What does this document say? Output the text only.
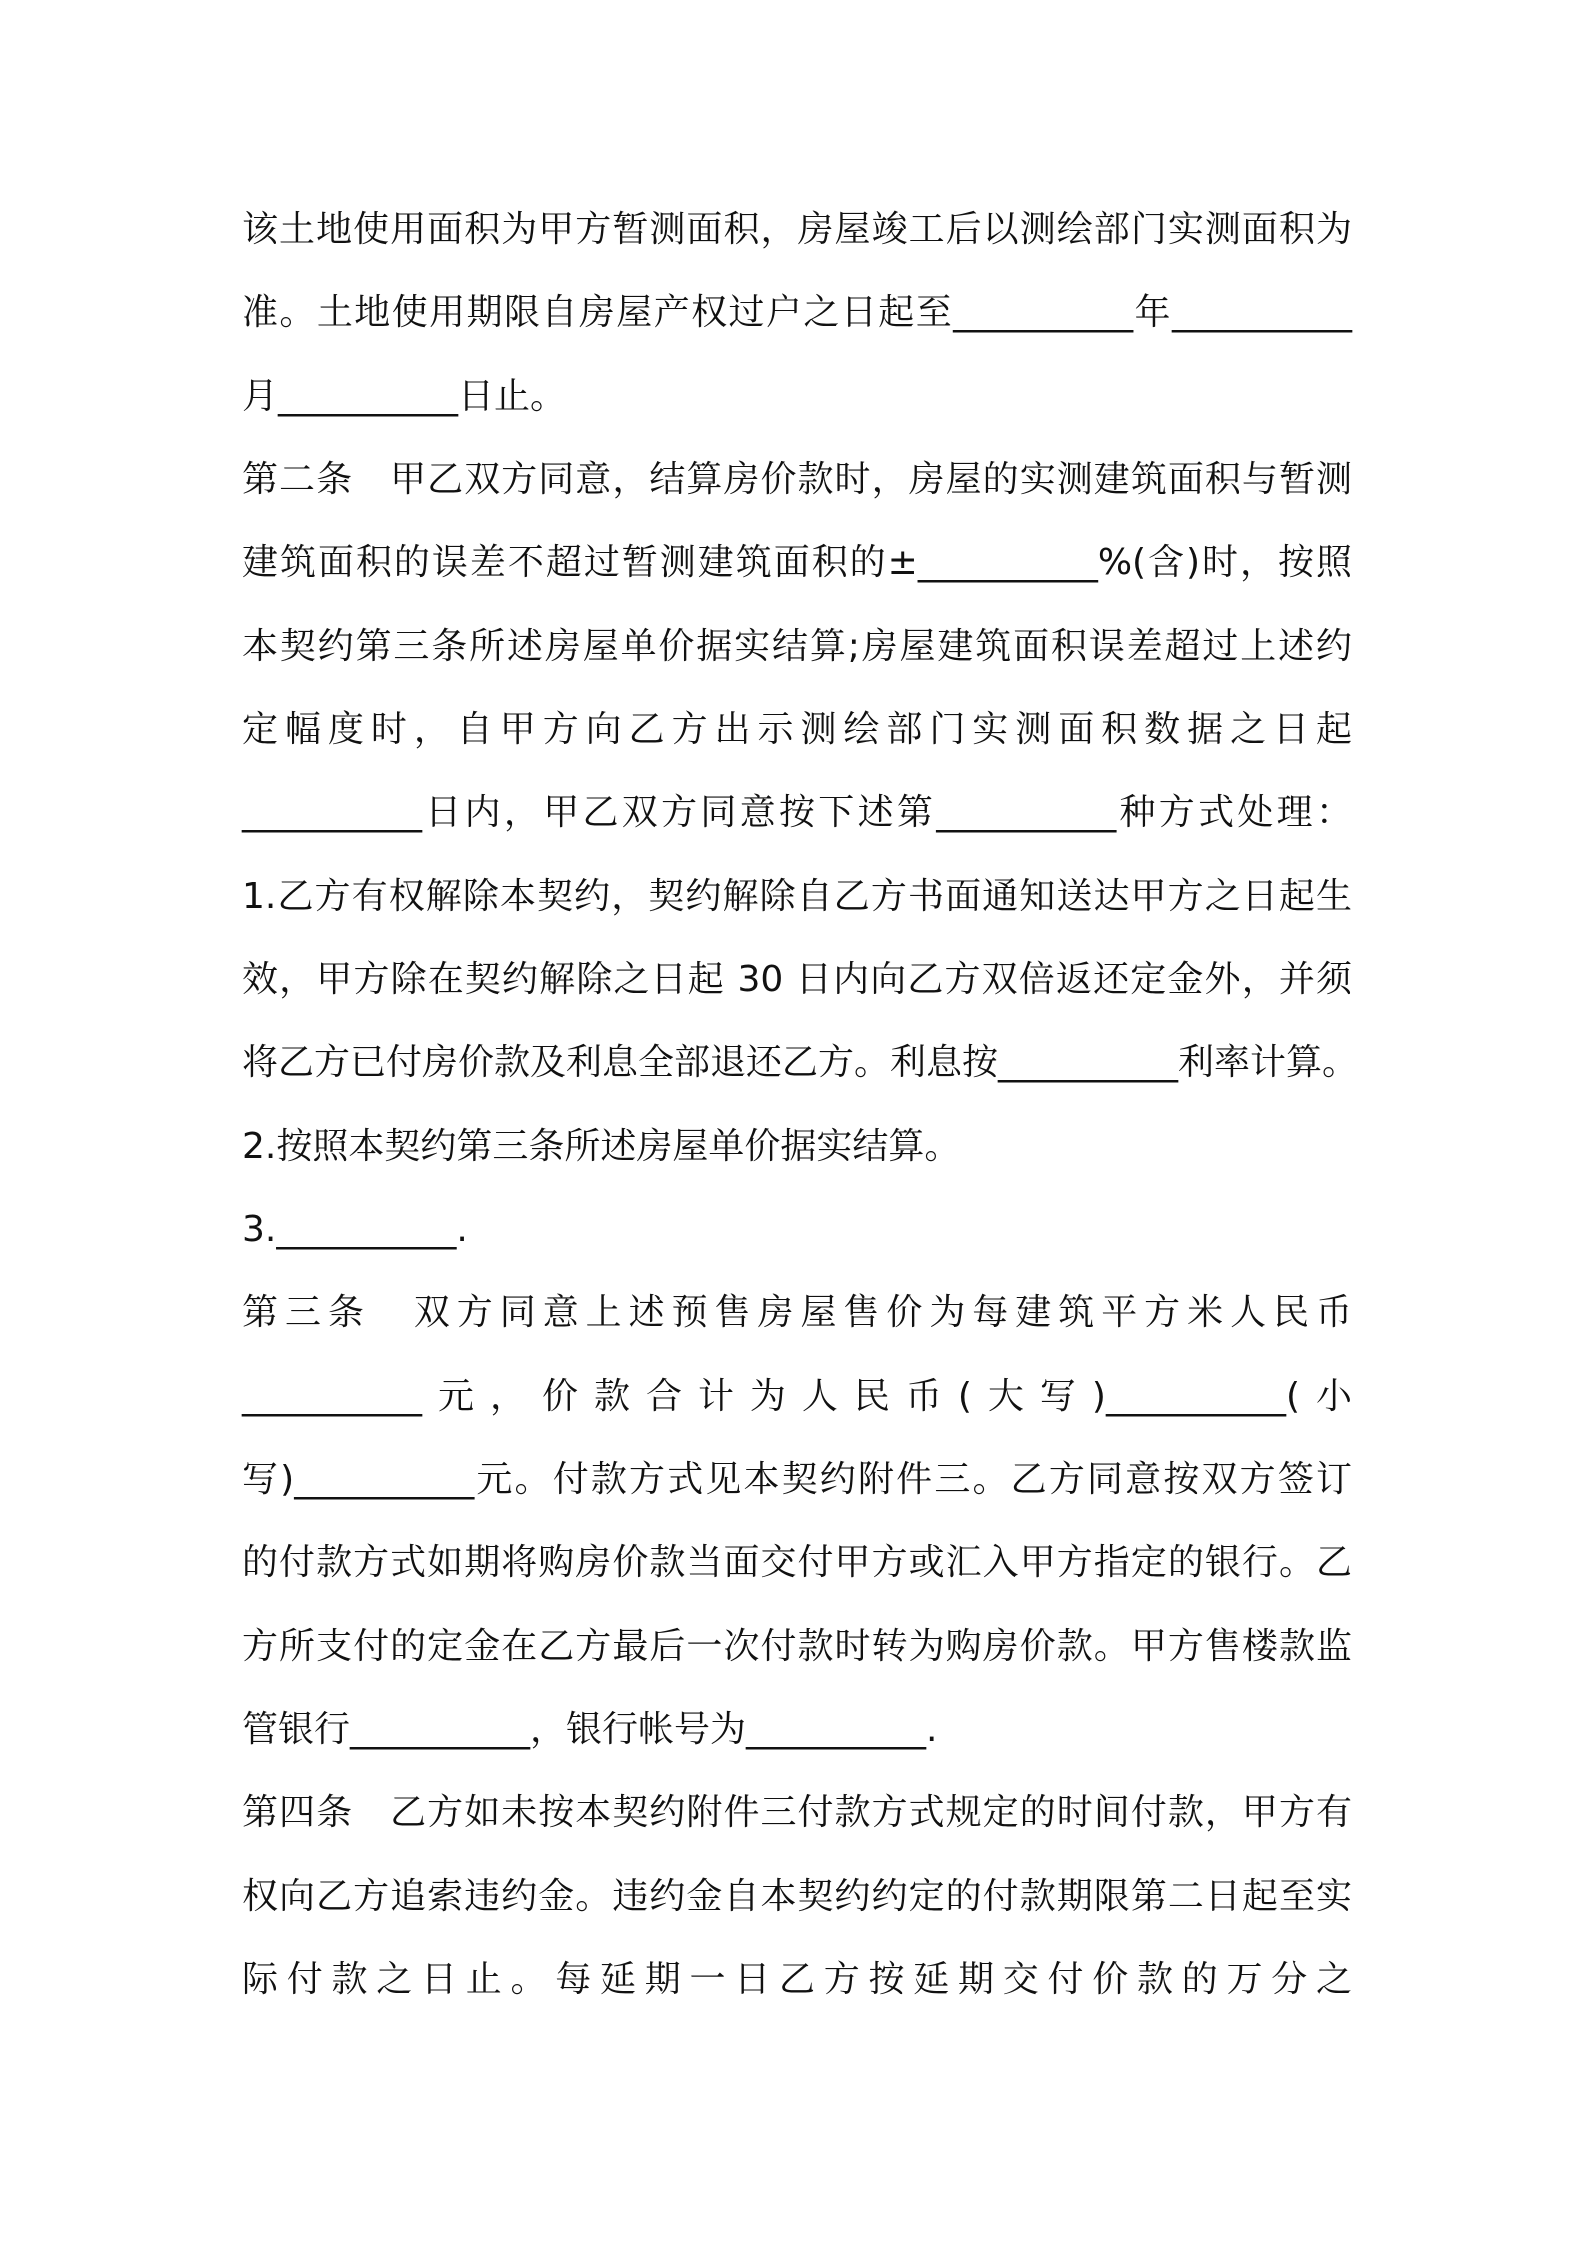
该土地使用面积为甲方暂测面积，房屋竣工后以测绘部门实测面积为
准。土地使用期限自房屋产权过户之日起至__________年__________
月__________日止。
第二条　甲乙双方同意，结算房价款时，房屋的实测建筑面积与暂测
建筑面积的误差不超过暂测建筑面积的±__________%(含)时，按照
本契约第三条所述房屋单价据实结算;房屋建筑面积误差超过上述约
定幅度时，自甲方向乙方出示测绘部门实测面积数据之日起
__________日内，甲乙双方同意按下述第__________种方式处理：
1.乙方有权解除本契约，契约解除自乙方书面通知送达甲方之日起生
效，甲方除在契约解除之日起 30 日内向乙方双倍返还定金外，并须
将乙方已付房价款及利息全部退还乙方。利息按__________利率计算。
2.按照本契约第三条所述房屋单价据实结算。
3.__________.
第三条　双方同意上述预售房屋售价为每建筑平方米人民币
__________元，价款合计为人民币(大写)__________(小
写)__________元。付款方式见本契约附件三。乙方同意按双方签订
的付款方式如期将购房价款当面交付甲方或汇入甲方指定的银行。乙
方所支付的定金在乙方最后一次付款时转为购房价款。甲方售楼款监
管银行__________，银行帐号为__________.
第四条　乙方如未按本契约附件三付款方式规定的时间付款，甲方有
权向乙方追索违约金。违约金自本契约约定的付款期限第二日起至实
际付款之日止。每延期一日乙方按延期交付价款的万分之
